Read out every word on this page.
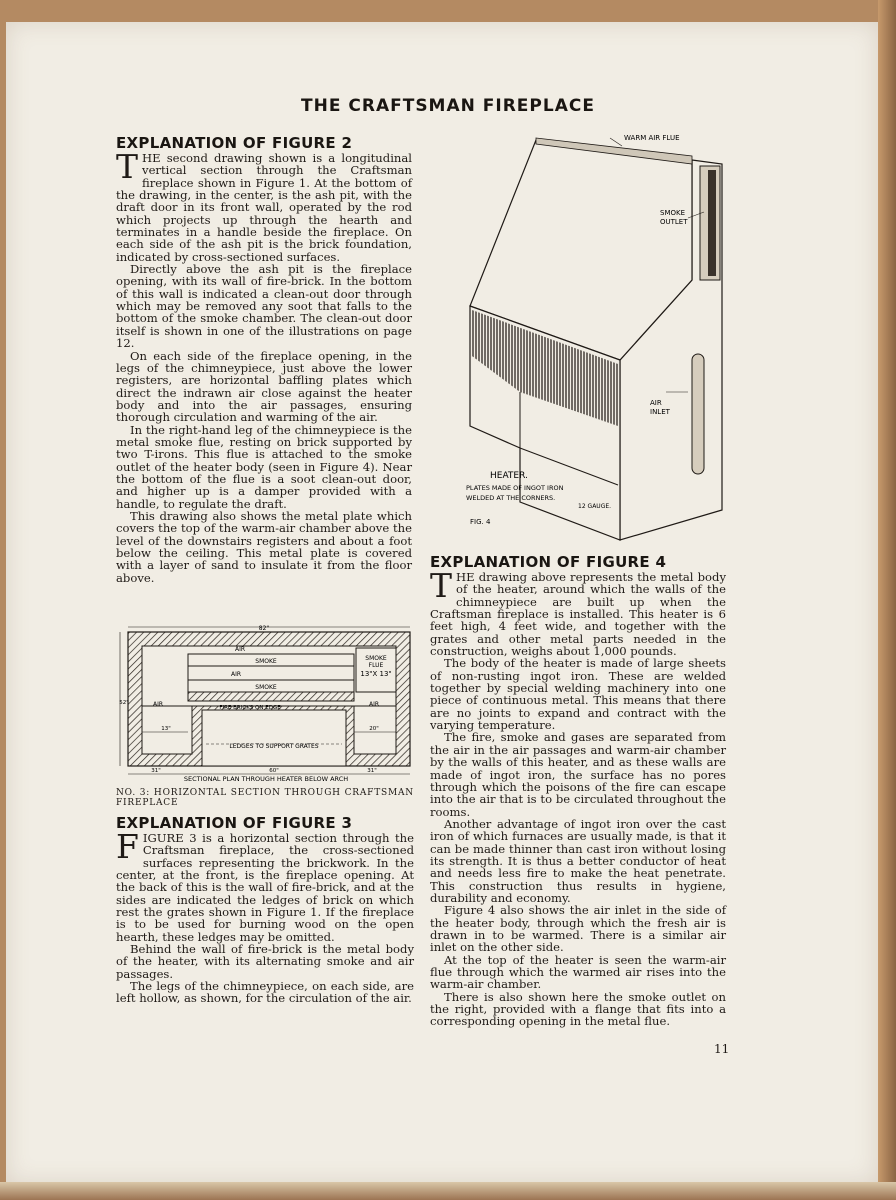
THE CRAFTSMAN FIREPLACE
EXPLANATION OF FIGURE 2

THE second drawing shown is a longitudinal vertical section through the Craftsman fireplace shown in Figure 1. At the bottom of the drawing, in the center, is the ash pit, with the draft door in its front wall, operated by the rod which projects up through the hearth and terminates in a handle beside the fireplace. On each side of the ash pit is the brick foundation, indicated by cross-sectioned surfaces.

Directly above the ash pit is the fireplace opening, with its wall of fire-brick. In the bottom of this wall is indicated a clean-out door through which may be removed any soot that falls to the bottom of the smoke chamber. The clean-out door itself is shown in one of the illustrations on page 12.

On each side of the fireplace opening, in the legs of the chimneypiece, just above the lower registers, are horizontal baffling plates which direct the indrawn air close against the heater body and into the air passages, ensuring thorough circulation and warming of the air.

In the right-hand leg of the chimneypiece is the metal smoke flue, resting on brick supported by two T-irons. This flue is attached to the smoke outlet of the heater body (seen in Figure 4). Near the bottom of the flue is a soot clean-out door, and higher up is a damper provided with a handle, to regulate the draft.

This drawing also shows the metal plate which covers the top of the warm-air chamber above the level of the downstairs registers and about a foot below the ceiling. This metal plate is covered with a layer of sand to insulate it from the floor above.

82"
AIR
SMOKE
AIR
SMOKE
SMOKE
FLUE
13"X 13"
AIR	AIR
FIRE BRICKS ON EDGE
13"	20"
LEDGES TO SUPPORT GRATES
60"
31"	31"
52"
SECTIONAL PLAN THROUGH HEATER BELOW ARCH
NO. 3: HORIZONTAL SECTION THROUGH CRAFTSMAN FIREPLACE
EXPLANATION OF FIGURE 3

FIGURE 3 is a horizontal section through the Craftsman fireplace, the cross-sectioned surfaces representing the brickwork. In the center, at the front, is the fireplace opening. At the back of this is the wall of fire-brick, and at the sides are indicated the ledges of brick on which rest the grates shown in Figure 1. If the fireplace is to be used for burning wood on the open hearth, these ledges may be omitted.

Behind the wall of fire-brick is the metal body of the heater, with its alternating smoke and air passages.

The legs of the chimneypiece, on each side, are left hollow, as shown, for the circulation of the air.

WARM AIR FLUE
SMOKE
OUTLET
AIR
INLET
HEATER.
PLATES MADE OF INGOT IRON
WELDED AT THE CORNERS.
12 GAUGE.
FIG. 4
EXPLANATION OF FIGURE 4

THE drawing above represents the metal body of the heater, around which the walls of the chimneypiece are built up when the Craftsman fireplace is installed. This heater is 6 feet high, 4 feet wide, and together with the grates and other metal parts needed in the construction, weighs about 1,000 pounds.

The body of the heater is made of large sheets of non-rusting ingot iron. These are welded together by special welding machinery into one piece of continuous metal. This means that there are no joints to expand and contract with the varying temperature.

The fire, smoke and gases are separated from the air in the air passages and warm-air chamber by the walls of this heater, and as these walls are made of ingot iron, the surface has no pores through which the poisons of the fire can escape into the air that is to be circulated throughout the rooms.

Another advantage of ingot iron over the cast iron of which furnaces are usually made, is that it can be made thinner than cast iron without losing its strength. It is thus a better conductor of heat and needs less fire to make the heat penetrate. This construction thus results in hygiene, durability and economy.

Figure 4 also shows the air inlet in the side of the heater body, through which the fresh air is drawn in to be warmed. There is a similar air inlet on the other side.

At the top of the heater is seen the warm-air flue through which the warmed air rises into the warm-air chamber.

There is also shown here the smoke outlet on the right, provided with a flange that fits into a corresponding opening in the metal flue.

11
